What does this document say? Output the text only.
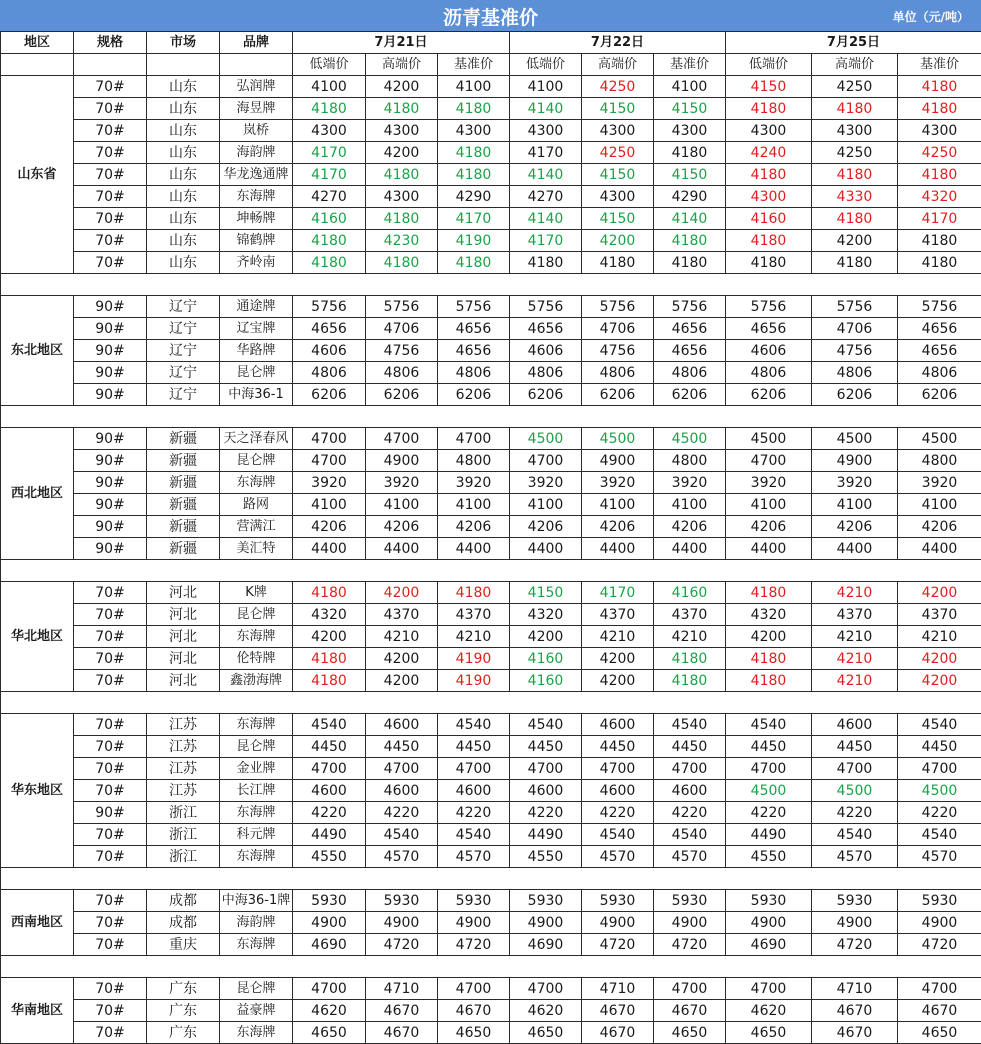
沥青基准价	单位（元/吨）
地区	规格	市场	品牌	7月21日			7月22日			7月25日		
				低端价	高端价	基准价	低端价	高端价	基准价	低端价	高端价	基准价
山东省	70#	山东	弘润牌	4100	4200	4100	4100	4250	4100	4150	4250	4180
	70#	山东	海昱牌	4180	4180	4180	4140	4150	4150	4180	4180	4180
	70#	山东	岚桥	4300	4300	4300	4300	4300	4300	4300	4300	4300
	70#	山东	海韵牌	4170	4200	4180	4170	4250	4180	4240	4250	4250
	70#	山东	华龙逸通牌	4170	4180	4180	4140	4150	4150	4180	4180	4180
	70#	山东	东海牌	4270	4300	4290	4270	4300	4290	4300	4330	4320
	70#	山东	坤畅牌	4160	4180	4170	4140	4150	4140	4160	4180	4170
	70#	山东	锦鹤牌	4180	4230	4190	4170	4200	4180	4180	4200	4180
	70#	山东	齐岭南	4180	4180	4180	4180	4180	4180	4180	4180	4180

东北地区	90#	辽宁	通途牌	5756	5756	5756	5756	5756	5756	5756	5756	5756
	90#	辽宁	辽宝牌	4656	4706	4656	4656	4706	4656	4656	4706	4656
	90#	辽宁	华路牌	4606	4756	4656	4606	4756	4656	4606	4756	4656
	90#	辽宁	昆仑牌	4806	4806	4806	4806	4806	4806	4806	4806	4806
	90#	辽宁	中海36-1	6206	6206	6206	6206	6206	6206	6206	6206	6206

西北地区	90#	新疆	天之泽春风	4700	4700	4700	4500	4500	4500	4500	4500	4500
	90#	新疆	昆仑牌	4700	4900	4800	4700	4900	4800	4700	4900	4800
	90#	新疆	东海牌	3920	3920	3920	3920	3920	3920	3920	3920	3920
	90#	新疆	路网	4100	4100	4100	4100	4100	4100	4100	4100	4100
	90#	新疆	营满江	4206	4206	4206	4206	4206	4206	4206	4206	4206
	90#	新疆	美汇特	4400	4400	4400	4400	4400	4400	4400	4400	4400

华北地区	70#	河北	K牌	4180	4200	4180	4150	4170	4160	4180	4210	4200
	70#	河北	昆仑牌	4320	4370	4370	4320	4370	4370	4320	4370	4370
	70#	河北	东海牌	4200	4210	4210	4200	4210	4210	4200	4210	4210
	70#	河北	伦特牌	4180	4200	4190	4160	4200	4180	4180	4210	4200
	70#	河北	鑫渤海牌	4180	4200	4190	4160	4200	4180	4180	4210	4200

华东地区	70#	江苏	东海牌	4540	4600	4540	4540	4600	4540	4540	4600	4540
	70#	江苏	昆仑牌	4450	4450	4450	4450	4450	4450	4450	4450	4450
	70#	江苏	金业牌	4700	4700	4700	4700	4700	4700	4700	4700	4700
	70#	江苏	长江牌	4600	4600	4600	4600	4600	4600	4500	4500	4500
	90#	浙江	东海牌	4220	4220	4220	4220	4220	4220	4220	4220	4220
	70#	浙江	科元牌	4490	4540	4540	4490	4540	4540	4490	4540	4540
	70#	浙江	东海牌	4550	4570	4570	4550	4570	4570	4550	4570	4570

西南地区	70#	成都	中海36-1牌	5930	5930	5930	5930	5930	5930	5930	5930	5930
	70#	成都	海韵牌	4900	4900	4900	4900	4900	4900	4900	4900	4900
	70#	重庆	东海牌	4690	4720	4720	4690	4720	4720	4690	4720	4720

华南地区	70#	广东	昆仑牌	4700	4710	4700	4700	4710	4700	4700	4710	4700
	70#	广东	益豪牌	4620	4670	4670	4620	4670	4670	4620	4670	4670
	70#	广东	东海牌	4650	4670	4650	4650	4670	4650	4650	4670	4650
